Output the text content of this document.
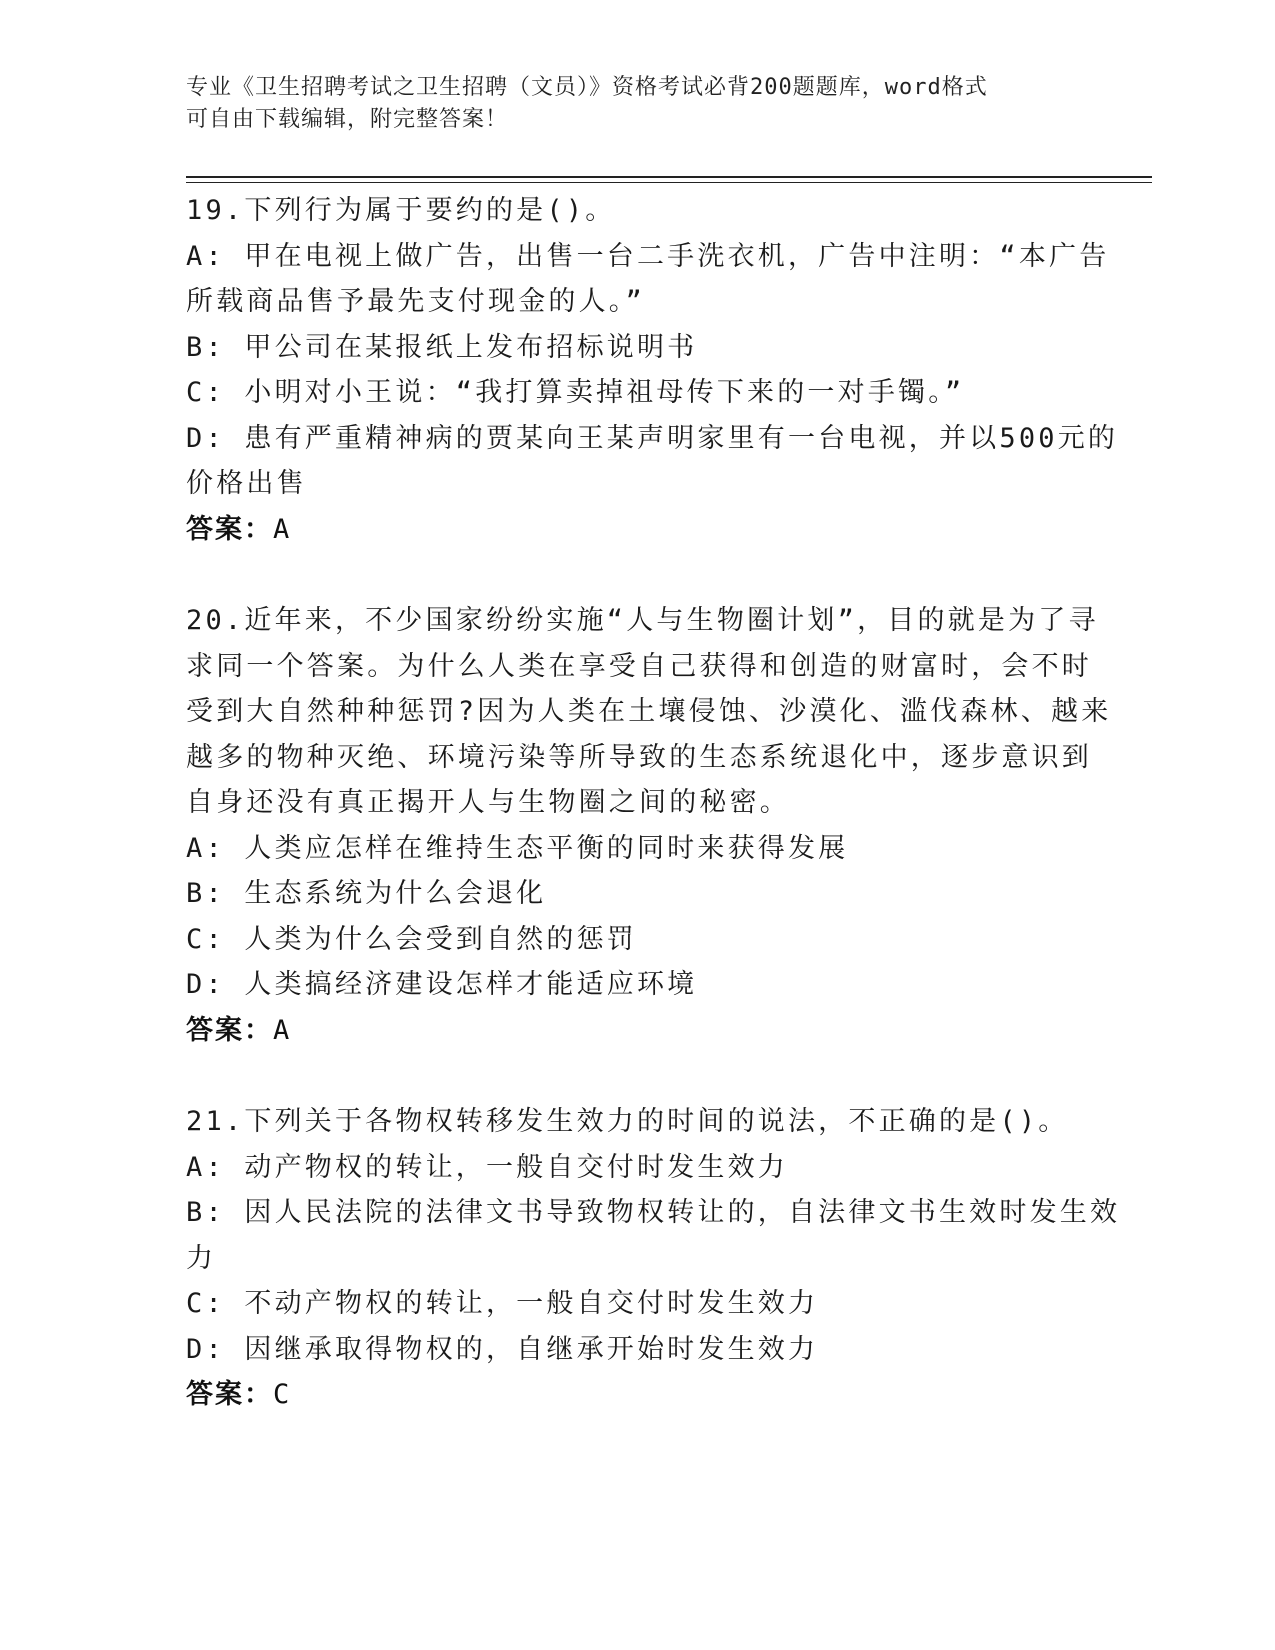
专业《卫生招聘考试之卫生招聘（文员）》资格考试必背200题题库，word格式
可自由下载编辑，附完整答案！
19.下列行为属于要约的是()。
A: 甲在电视上做广告，出售一台二手洗衣机，广告中注明：“本广告
所载商品售予最先支付现金的人。”
B: 甲公司在某报纸上发布招标说明书
C: 小明对小王说：“我打算卖掉祖母传下来的一对手镯。”
D: 患有严重精神病的贾某向王某声明家里有一台电视，并以500元的
价格出售
答案：A
20.近年来，不少国家纷纷实施“人与生物圈计划”，目的就是为了寻
求同一个答案。为什么人类在享受自己获得和创造的财富时，会不时
受到大自然种种惩罚?因为人类在土壤侵蚀、沙漠化、滥伐森林、越来
越多的物种灭绝、环境污染等所导致的生态系统退化中，逐步意识到
自身还没有真正揭开人与生物圈之间的秘密。
A: 人类应怎样在维持生态平衡的同时来获得发展
B: 生态系统为什么会退化
C: 人类为什么会受到自然的惩罚
D: 人类搞经济建设怎样才能适应环境
答案：A
21.下列关于各物权转移发生效力的时间的说法，不正确的是()。
A: 动产物权的转让，一般自交付时发生效力
B: 因人民法院的法律文书导致物权转让的，自法律文书生效时发生效
力
C: 不动产物权的转让，一般自交付时发生效力
D: 因继承取得物权的，自继承开始时发生效力
答案：C
